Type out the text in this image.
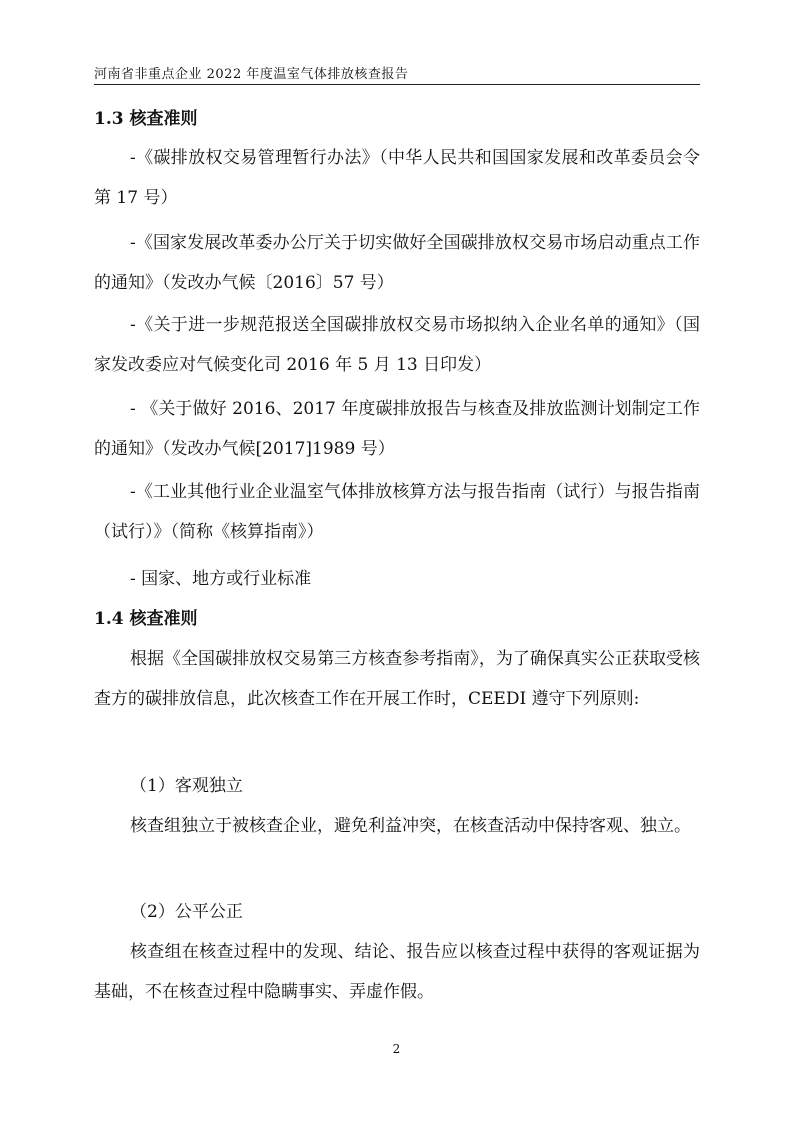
河南省非重点企业 2022 年度温室气体排放核查报告
1.3 核查准则

-《碳排放权交易管理暂行办法》（中华人民共和国国家发展和改革委员会令第 17 号）

-《国家发展改革委办公厅关于切实做好全国碳排放权交易市场启动重点工作的通知》（发改办气候〔2016〕57 号）

-《关于进一步规范报送全国碳排放权交易市场拟纳入企业名单的通知》（国家发改委应对气候变化司 2016 年 5 月 13 日印发）

- 《关于做好 2016、2017 年度碳排放报告与核查及排放监测计划制定工作的通知》（发改办气候[2017]1989 号）

-《工业其他行业企业温室气体排放核算方法与报告指南（试行）与报告指南（试行）》（简称《核算指南》）

- 国家、地方或行业标准

1.4 核查准则

根据《全国碳排放权交易第三方核查参考指南》，为了确保真实公正获取受核查方的碳排放信息，此次核查工作在开展工作时，CEEDI 遵守下列原则:

（1）客观独立

核查组独立于被核查企业，避免利益冲突，在核查活动中保持客观、独立。

（2）公平公正

核查组在核查过程中的发现、结论、报告应以核查过程中获得的客观证据为基础，不在核查过程中隐瞒事实、弄虚作假。

2
